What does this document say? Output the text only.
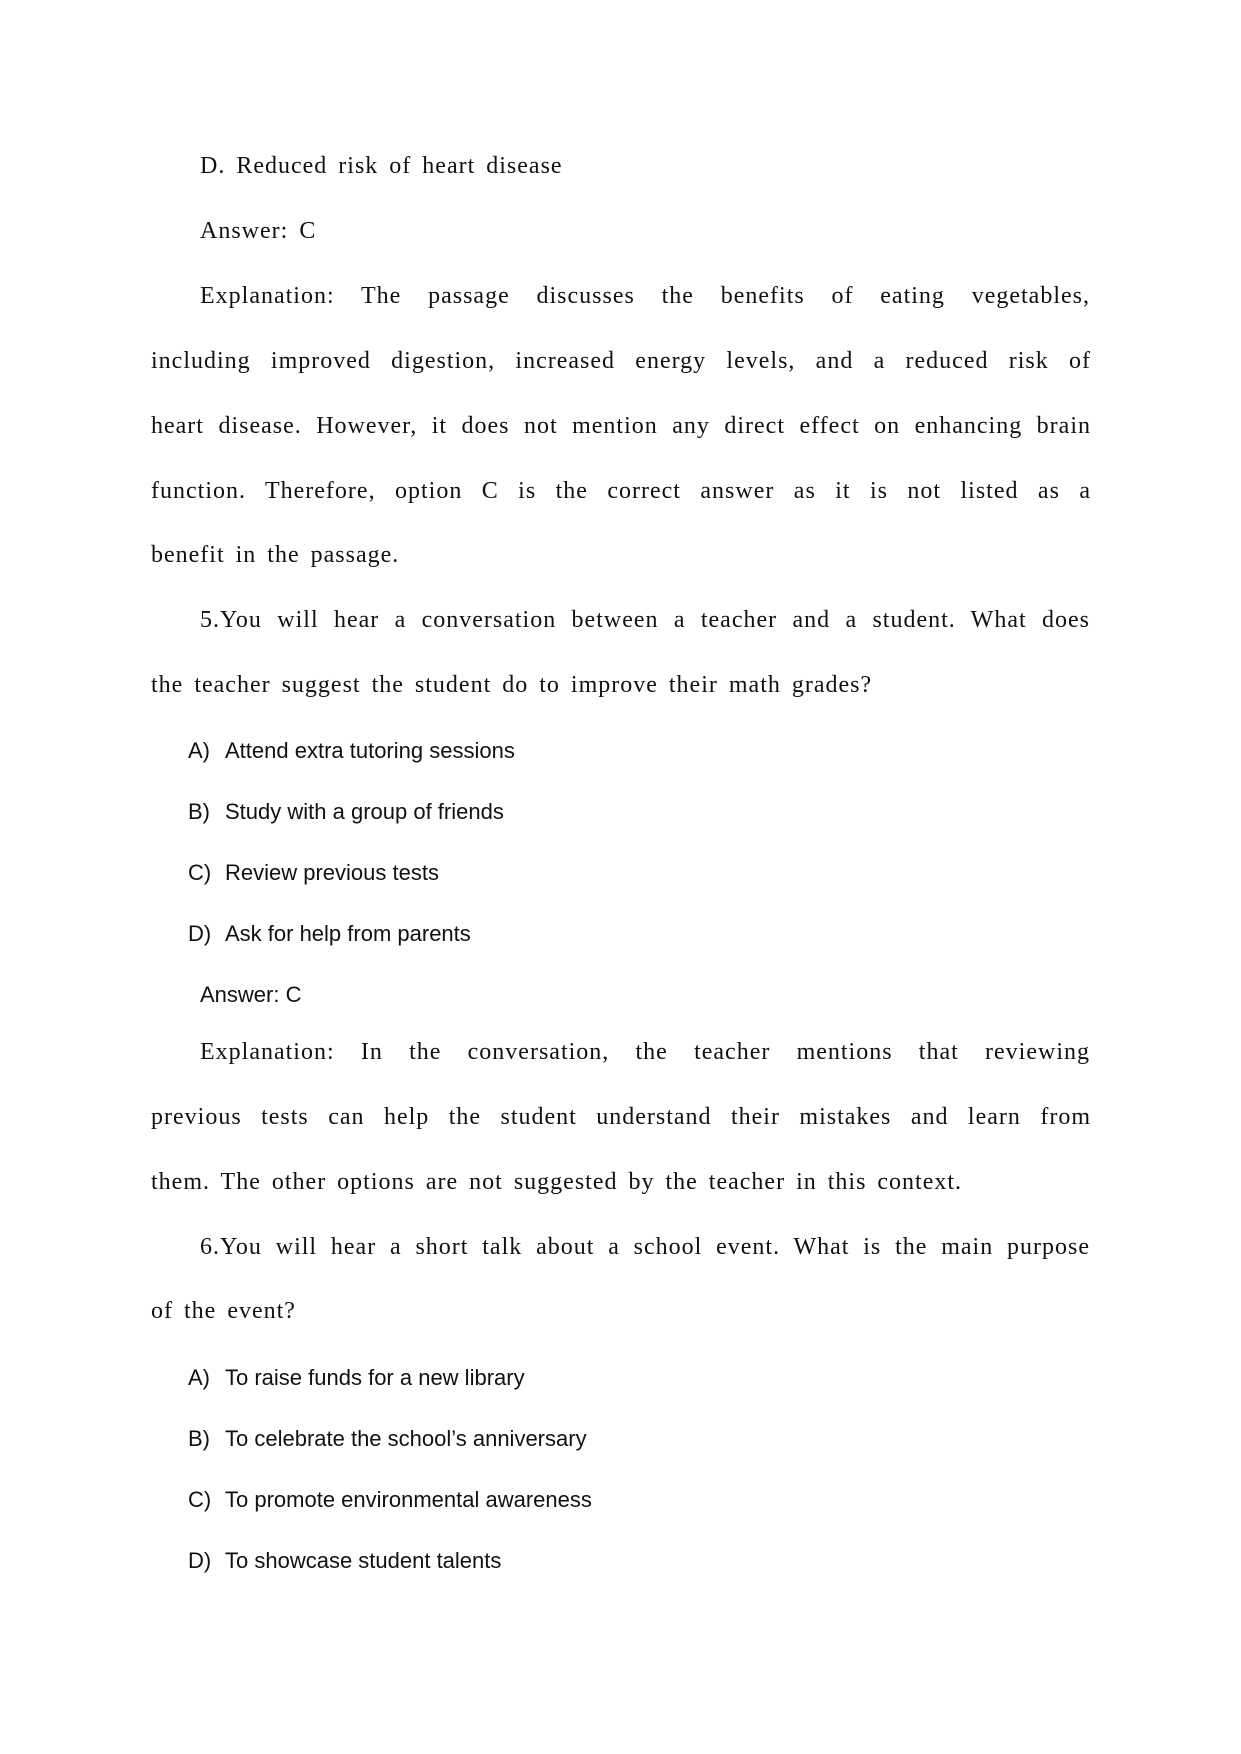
D. Reduced risk of heart disease
Answer: C
Explanation: The passage discusses the benefits of eating vegetables,
including improved digestion, increased energy levels, and a reduced risk of
heart disease. However, it does not mention any direct effect on enhancing brain
function. Therefore, option C is the correct answer as it is not listed as a
benefit in the passage.
5.You will hear a conversation between a teacher and a student. What does
the teacher suggest the student do to improve their math grades?
A) Attend extra tutoring sessions
B) Study with a group of friends
C) Review previous tests
D) Ask for help from parents
Answer: C
Explanation: In the conversation, the teacher mentions that reviewing
previous tests can help the student understand their mistakes and learn from
them. The other options are not suggested by the teacher in this context.
6.You will hear a short talk about a school event. What is the main purpose
of the event?
A) To raise funds for a new library
B) To celebrate the school’s anniversary
C) To promote environmental awareness
D) To showcase student talents
